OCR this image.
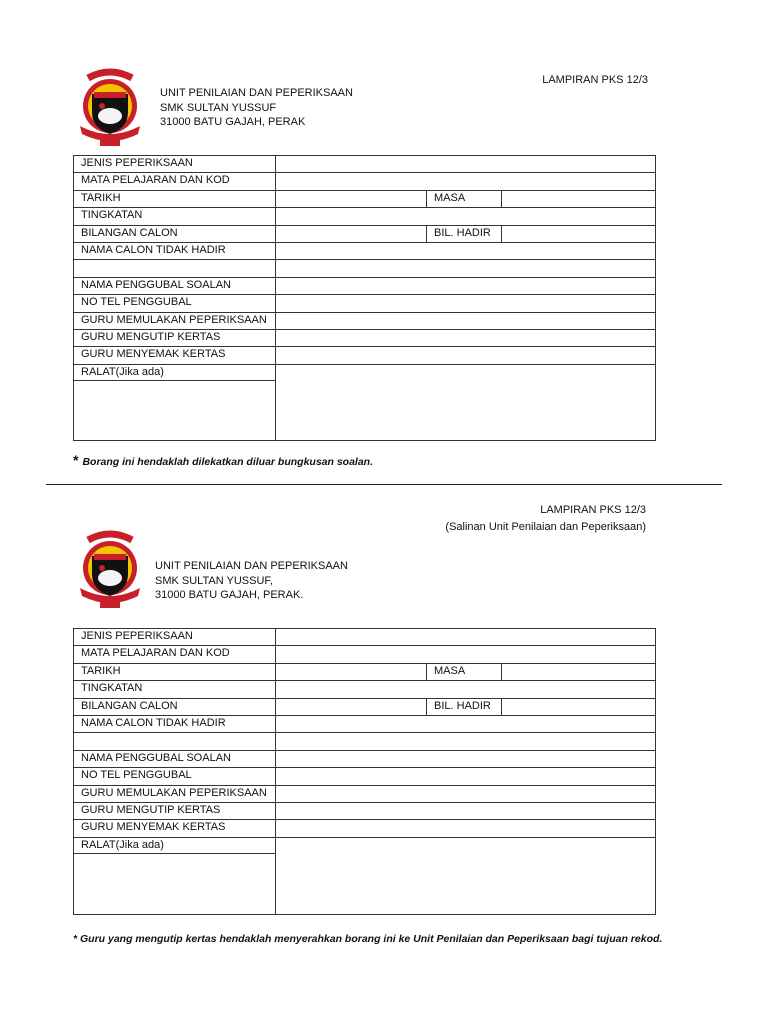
LAMPIRAN PKS 12/3
UNIT PENILAIAN DAN PEPERIKSAAN
SMK SULTAN YUSSUF
31000 BATU GAJAH, PERAK
JENIS PEPERIKSAAN			
MATA PELAJARAN DAN KOD			
TARIKH		MASA	
TINGKATAN			
BILANGAN CALON		BIL. HADIR	
NAMA CALON TIDAK HADIR			

NAMA PENGGUBAL SOALAN			
NO TEL PENGGUBAL			
GURU MEMULAKAN PEPERIKSAAN			
GURU MENGUTIP KERTAS			
GURU MENYEMAK KERTAS			

RALAT(Jika ada)			

* Borang ini hendaklah dilekatkan diluar bungkusan soalan.
LAMPIRAN PKS 12/3
(Salinan Unit Penilaian dan Peperiksaan)
UNIT PENILAIAN DAN PEPERIKSAAN
SMK SULTAN YUSSUF,
31000 BATU GAJAH, PERAK.
JENIS PEPERIKSAAN			
MATA PELAJARAN DAN KOD			
TARIKH		MASA	
TINGKATAN			
BILANGAN CALON		BIL. HADIR	
NAMA CALON TIDAK HADIR			

NAMA PENGGUBAL SOALAN			
NO TEL PENGGUBAL			
GURU MEMULAKAN PEPERIKSAAN			
GURU MENGUTIP KERTAS			
GURU MENYEMAK KERTAS			

RALAT(Jika ada)			

* Guru yang mengutip kertas hendaklah menyerahkan borang ini ke Unit Penilaian dan Peperiksaan bagi tujuan rekod.
